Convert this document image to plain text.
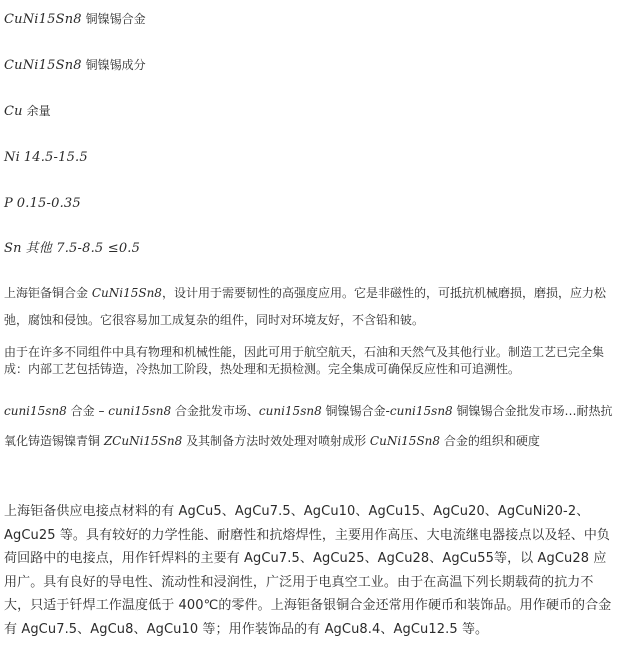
CuNi15Sn8 铜镍锡合金
CuNi15Sn8 铜镍锡成分
Cu 余量
Ni 14.5-15.5
P 0.15-0.35
Sn 其他 7.5-8.5 ≤0.5
上海钜备铜合金 CuNi15Sn8，设计用于需要韧性的高强度应用。它是非磁性的，可抵抗机械磨损，磨损，应力松弛，腐蚀和侵蚀。它很容易加工成复杂的组件，同时对环境友好，不含铅和铍。
由于在许多不同组件中具有物理和机械性能，因此可用于航空航天，石油和天然气及其他行业。制造工艺已完全集成：内部工艺包括铸造，冷热加工阶段，热处理和无损检测。完全集成可确保反应性和可追溯性。
cuni15sn8 合金 – cuni15sn8 合金批发市场、cuni15sn8 铜镍锡合金-cuni15sn8 铜镍锡合金批发市场…耐热抗氧化铸造锡镍青铜 ZCuNi15Sn8 及其制备方法时效处理对喷射成形 CuNi15Sn8 合金的组织和硬度
上海钜备供应电接点材料的有 AgCu5、AgCu7.5、AgCu10、AgCu15、AgCu20、AgCuNi20-2、AgCu25 等。具有较好的力学性能、耐磨性和抗熔焊性，主要用作高压、大电流继电器接点以及轻、中负荷回路中的电接点，用作钎焊料的主要有 AgCu7.5、AgCu25、AgCu28、AgCu55等，以 AgCu28 应用广。具有良好的导电性、流动性和浸润性，广泛用于电真空工业。由于在高温下列长期载荷的抗力不大，只适于钎焊工作温度低于 400℃的零件。上海钜备银铜合金还常用作硬币和装饰品。用作硬币的合金有 AgCu7.5、AgCu8、AgCu10 等；用作装饰品的有 AgCu8.4、AgCu12.5 等。
